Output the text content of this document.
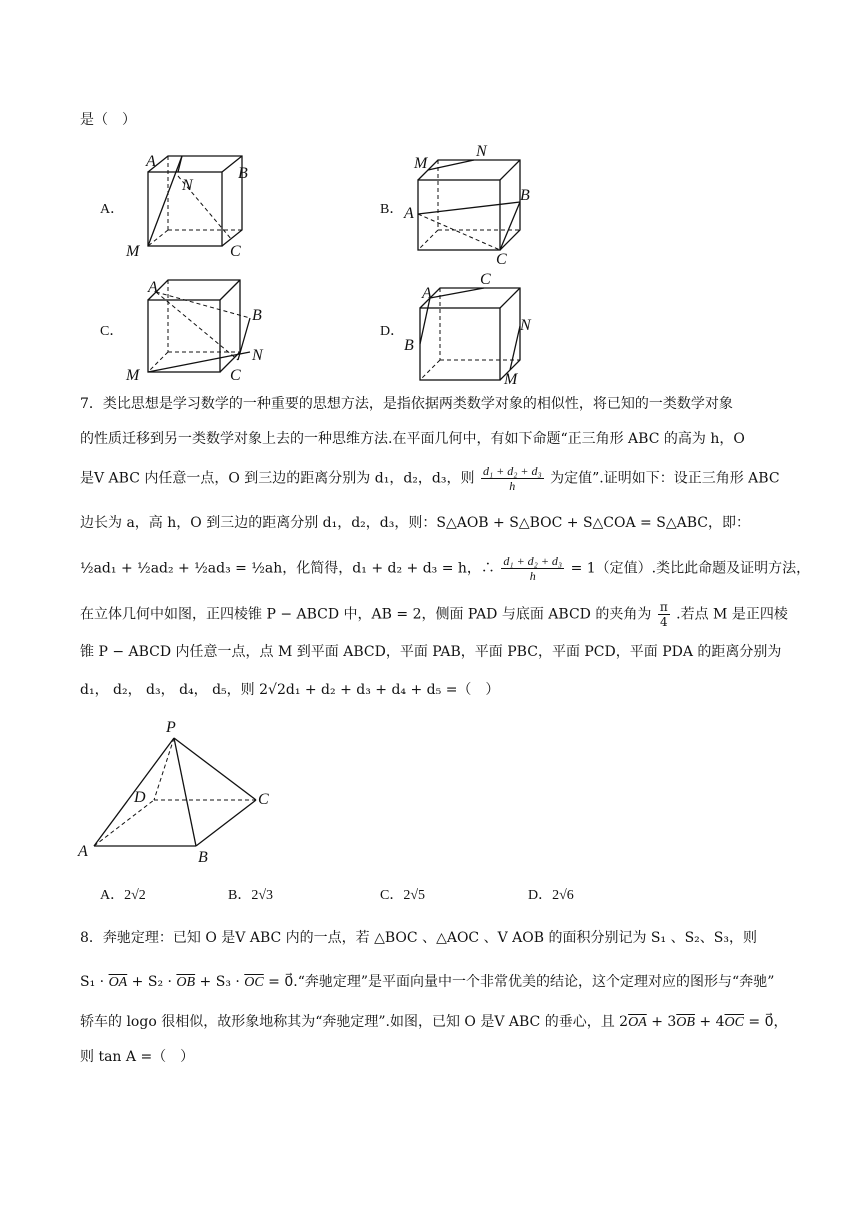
是（　）
A．
A
B
N
M	C
B．
M
N
B
A
C
C．
A
B
N
M	C
D．
A
C
B
N
M
7．类比思想是学习数学的一种重要的思想方法，是指依据两类数学对象的相似性，将已知的一类数学对象
的性质迁移到另一类数学对象上去的一种思维方法.在平面几何中，有如下命题“正三角形 ABC 的高为 h，O
是V ABC 内任意一点，O 到三边的距离分别为 d₁，d₂，d₃，则 $\frac{\text{d₁ + d₂ + d₃}}{h}$ 为定值”.证明如下：设正三角形 ABC
边长为 a，高 h，O 到三边的距离分别 d₁，d₂，d₃，则：S△AOB + S△BOC + S△COA = S△ABC，即：
½ad₁ + ½ad₂ + ½ad₃ = ½ah，化简得，d₁ + d₂ + d₃ = h，∴ $\frac{\text{d₁ + d₂ + d₃}}{h} = 1$（定值）.类比此命题及证明方法，
在立体几何中如图，正四棱锥 P − ABCD 中，AB = 2，侧面 PAD 与底面 ABCD 的夹角为 $\frac{\pi}{4}$ .若点 M 是正四棱
锥 P − ABCD 内任意一点，点 M 到平面 ABCD，平面 PAB，平面 PBC，平面 PCD，平面 PDA 的距离分别为
d₁， d₂， d₃， d₄， d₅，则 2√2d₁ + d₂ + d₃ + d₄ + d₅ =（　）
P
D	C
A	B
A．2√2	B．2√3	C．2√5	D．2√6
8．奔驰定理：已知 O 是V ABC 内的一点，若 △BOC 、△AOC 、V AOB 的面积分别记为 S₁ 、S₂、S₃，则
$S_1 \cdot \overline{OA} + S_2 \cdot \overline{OB} + S_3 \cdot \overline{OC}$ = 0⃗.“奔驰定理”是平面向量中一个非常优美的结论，这个定理对应的图形与“奔驰”
轿车的 logo 很相似，故形象地称其为“奔驰定理”.如图，已知 O 是V ABC 的垂心，且 $2\overline{OA} + 3\overline{OB} + 4\overline{OC}$ = 0⃗，
则 tan A =（　）
